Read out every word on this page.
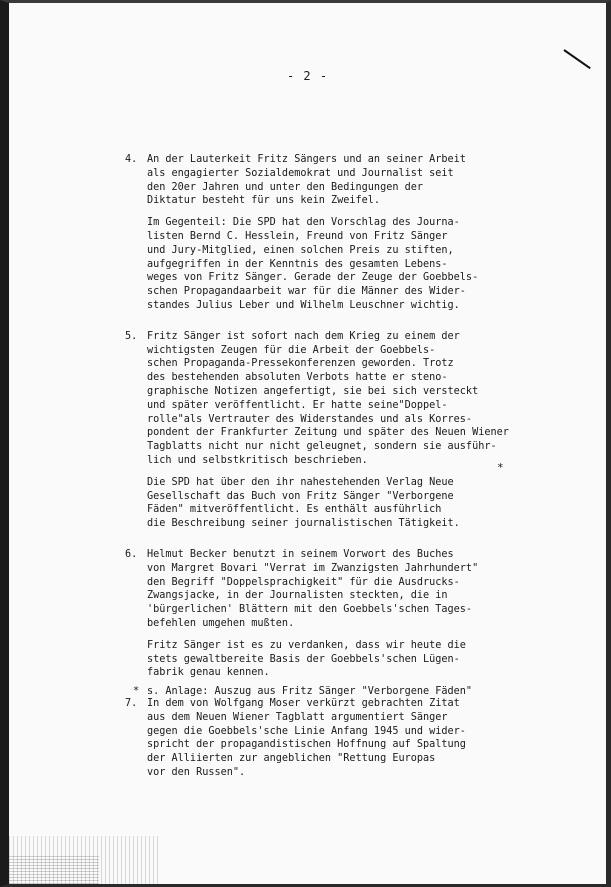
- 2 -
4. An der Lauterkeit Fritz Sängers und an seiner Arbeit
als engagierter Sozialdemokrat und Journalist seit
den 20er Jahren und unter den Bedingungen der
Diktatur besteht für uns kein Zweifel.

Im Gegenteil: Die SPD hat den Vorschlag des Journa-
listen Bernd C. Hesslein, Freund von Fritz Sänger
und Jury-Mitglied, einen solchen Preis zu stiften,
aufgegriffen in der Kenntnis des gesamten Lebens-
weges von Fritz Sänger. Gerade der Zeuge der Goebbels-
schen Propagandaarbeit war für die Männer des Wider-
standes Julius Leber und Wilhelm Leuschner wichtig.

5. Fritz Sänger ist sofort nach dem Krieg zu einem der
wichtigsten Zeugen für die Arbeit der Goebbels-
schen Propaganda-Pressekonferenzen geworden. Trotz
des bestehenden absoluten Verbots hatte er steno-
graphische Notizen angefertigt, sie bei sich versteckt
und später veröffentlicht. Er hatte seine"Doppel-
rolle"als Vertrauter des Widerstandes und als Korres-
pondent der Frankfurter Zeitung und später des Neuen Wiener
Tagblatts nicht nur nicht geleugnet, sondern sie ausführ-
lich und selbstkritisch beschrieben.

Die SPD hat über den ihr nahestehenden Verlag Neue
Gesellschaft das Buch von Fritz Sänger "Verborgene
Fäden" mitveröffentlicht. Es enthält ausführlich
die Beschreibung seiner journalistischen Tätigkeit.

6. Helmut Becker benutzt in seinem Vorwort des Buches
von Margret Bovari "Verrat im Zwanzigsten Jahrhundert"
den Begriff "Doppelsprachigkeit" für die Ausdrucks-
Zwangsjacke, in der Journalisten steckten, die in
'bürgerlichen' Blättern mit den Goebbels'schen Tages-
befehlen umgehen mußten.

Fritz Sänger ist es zu verdanken, dass wir heute die
stets gewaltbereite Basis der Goebbels'schen Lügen-
fabrik genau kennen.

7. In dem von Wolfgang Moser verkürzt gebrachten Zitat
aus dem Neuen Wiener Tagblatt argumentiert Sänger
gegen die Goebbels'sche Linie Anfang 1945 und wider-
spricht der propagandistischen Hoffnung auf Spaltung
der Alliierten zur angeblichen "Rettung Europas
vor den Russen".

*
* s. Anlage: Auszug aus Fritz Sänger "Verborgene Fäden"
